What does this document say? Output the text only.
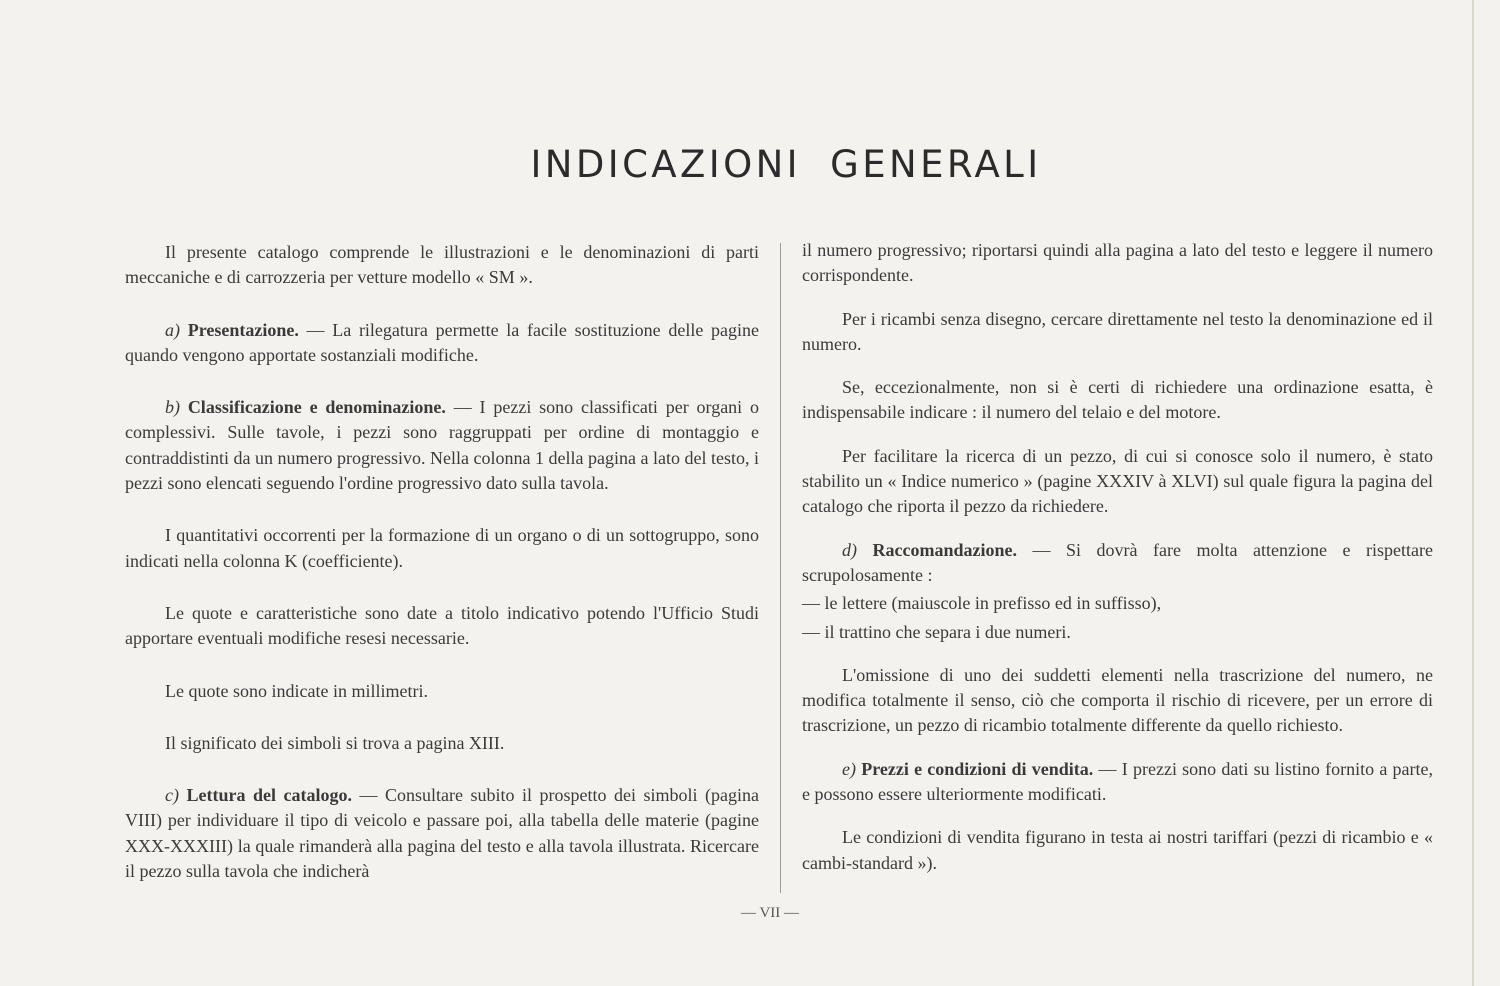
INDICAZIONI GENERALI

Il presente catalogo comprende le illustrazioni e le denominazioni di parti meccaniche e di carrozzeria per vetture modello « SM ».

a) Presentazione. — La rilegatura permette la facile sostituzione delle pagine quando vengono apportate sostanziali modifiche.

b) Classificazione e denominazione. — I pezzi sono classificati per organi o complessivi. Sulle tavole, i pezzi sono raggruppati per ordine di montaggio e contraddistinti da un numero progressivo. Nella colonna 1 della pagina a lato del testo, i pezzi sono elencati seguendo l'ordine progressivo dato sulla tavola.

I quantitativi occorrenti per la formazione di un organo o di un sottogruppo, sono indicati nella colonna K (coefficiente).

Le quote e caratteristiche sono date a titolo indicativo potendo l'Ufficio Studi apportare eventuali modifiche resesi necessarie.

Le quote sono indicate in millimetri.

Il significato dei simboli si trova a pagina XIII.

c) Lettura del catalogo. — Consultare subito il prospetto dei simboli (pagina VIII) per individuare il tipo di veicolo e passare poi, alla tabella delle materie (pagine XXX-XXXIII) la quale rimanderà alla pagina del testo e alla tavola illustrata. Ricercare il pezzo sulla tavola che indicherà

il numero progressivo; riportarsi quindi alla pagina a lato del testo e leggere il numero corrispondente.

Per i ricambi senza disegno, cercare direttamente nel testo la denominazione ed il numero.

Se, eccezionalmente, non si è certi di richiedere una ordinazione esatta, è indispensabile indicare : il numero del telaio e del motore.

Per facilitare la ricerca di un pezzo, di cui si conosce solo il numero, è stato stabilito un « Indice numerico » (pagine XXXIV à XLVI) sul quale figura la pagina del catalogo che riporta il pezzo da richiedere.

d) Raccomandazione. — Si dovrà fare molta attenzione e rispettare scrupolosamente :

— le lettere (maiuscole in prefisso ed in suffisso),

— il trattino che separa i due numeri.

L'omissione di uno dei suddetti elementi nella trascrizione del numero, ne modifica totalmente il senso, ciò che comporta il rischio di ricevere, per un errore di trascrizione, un pezzo di ricambio totalmente differente da quello richiesto.

e) Prezzi e condizioni di vendita. — I prezzi sono dati su listino fornito a parte, e possono essere ulteriormente modificati.

Le condizioni di vendita figurano in testa ai nostri tariffari (pezzi di ricambio e « cambi-standard »).

— VII —
